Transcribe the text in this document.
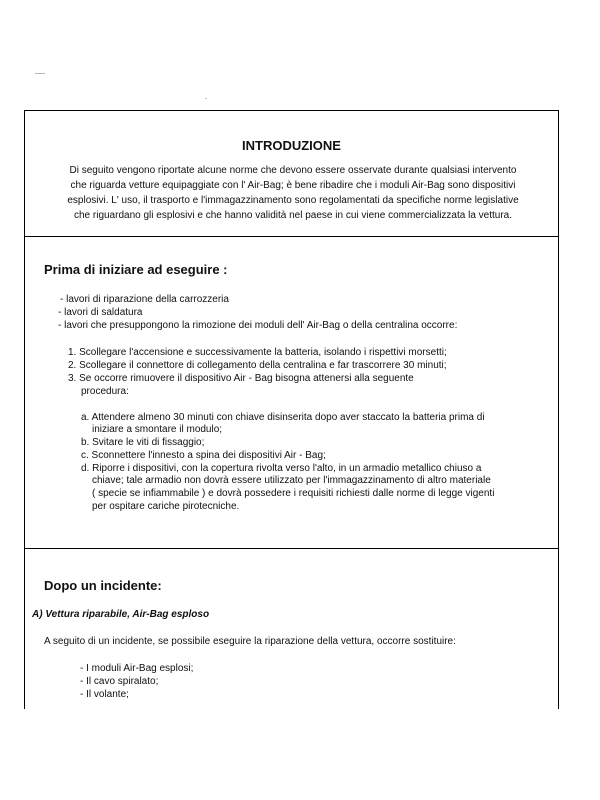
INTRODUZIONE
Di seguito vengono riportate alcune norme che devono essere osservate durante qualsiasi intervento
che riguarda vetture equipaggiate con l' Air-Bag; è bene ribadire che i moduli Air-Bag sono dispositivi
esplosivi. L' uso, il trasporto e l'immagazzinamento sono regolamentati da specifiche norme legislative
che riguardano gli esplosivi e che hanno validità nel paese in cui viene commercializzata la vettura.
Prima di iniziare ad eseguire :
- lavori di riparazione della carrozzeria
- lavori di saldatura
- lavori che presuppongono la rimozione dei moduli dell' Air-Bag o della centralina occorre:
1. Scollegare l'accensione e successivamente la batteria, isolando i rispettivi morsetti;
2. Scollegare il connettore di collegamento della centralina e far trascorrere 30 minuti;
3. Se occorre rimuovere il dispositivo Air - Bag bisogna attenersi alla seguente
procedura:
a. Attendere almeno 30 minuti con chiave disinserita dopo aver staccato la batteria prima di
iniziare a smontare il modulo;
b. Svitare le viti di fissaggio;
c. Sconnettere l'innesto a spina dei dispositivi Air - Bag;
d. Riporre i dispositivi, con la copertura rivolta verso l'alto, in un armadio metallico chiuso a
chiave; tale armadio non dovrà essere utilizzato per l'immagazzinamento di altro materiale
( specie se infiammabile ) e dovrà possedere i requisiti richiesti dalle norme di legge vigenti
per ospitare cariche pirotecniche.
Dopo un incidente:
A) Vettura riparabile, Air-Bag esploso
A seguito di un incidente, se possibile eseguire la riparazione della vettura, occorre sostituire:
- I moduli Air-Bag esplosi;
- Il cavo spiralato;
- Il volante;
